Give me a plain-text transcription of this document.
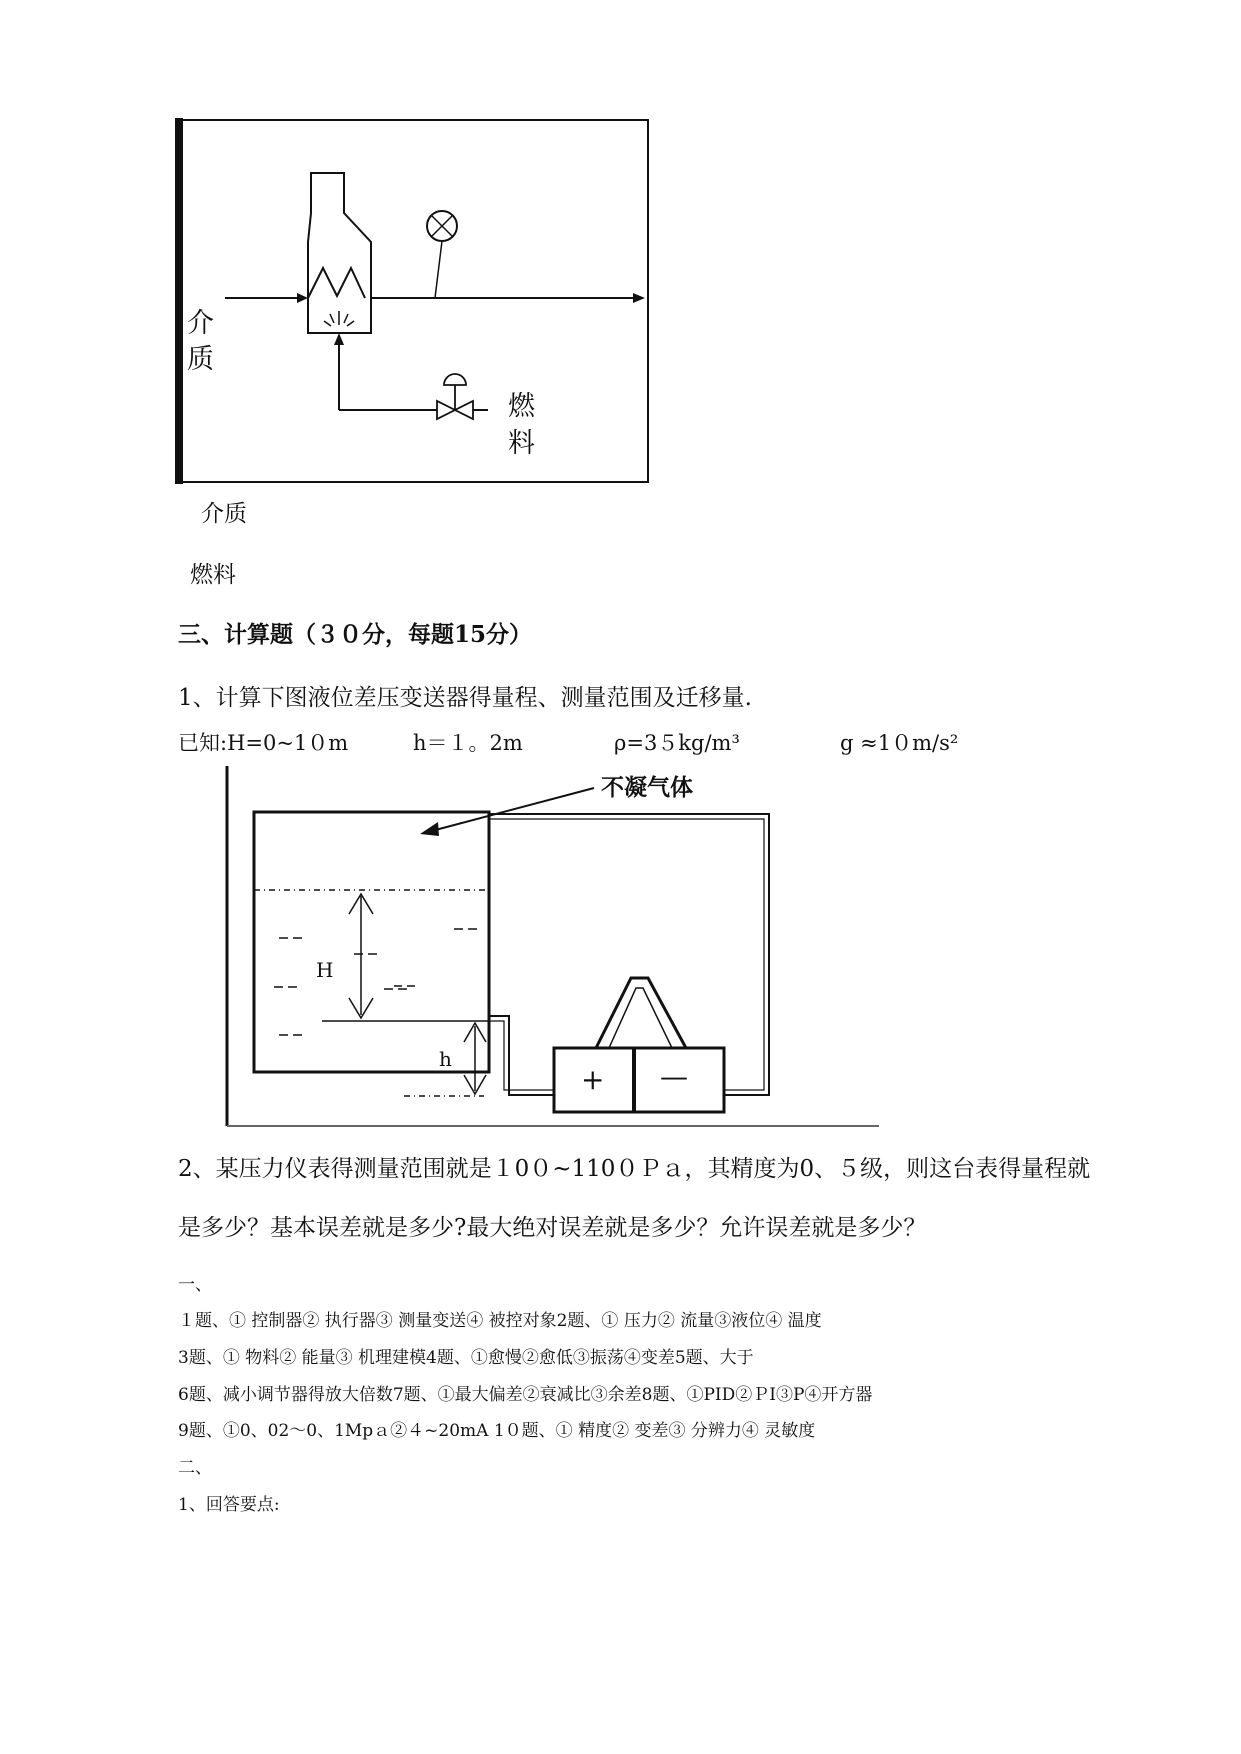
介
质
燃
料
介质
燃料
三、计算题（３０分，每题15分）
1、计算下图液位差压变送器得量程、测量范围及迁移量.
已知:H=0~1０m	h＝１。2m	ρ=3５kg/m³	g ≈1０m/s²
H
h
不凝气体
+ —
2、某压力仪表得测量范围就是１0０~110０Ｐａ，其精度为0、５级，则这台表得量程就
是多少？基本误差就是多少?最大绝对误差就是多少？允许误差就是多少？
一、
１题、① 控制器② 执行器③ 测量变送④ 被控对象2题、① 压力② 流量③液位④ 温度
3题、① 物料② 能量③ 机理建模4题、①愈慢②愈低③振荡④变差5题、大于
6题、减小调节器得放大倍数7题、①最大偏差②衰减比③余差8题、①PID②ＰI③P④开方器
9题、①0、02～0、1Mpａ②４~20mA 1０题、① 精度② 变差③ 分辨力④ 灵敏度
二、
1、回答要点:
